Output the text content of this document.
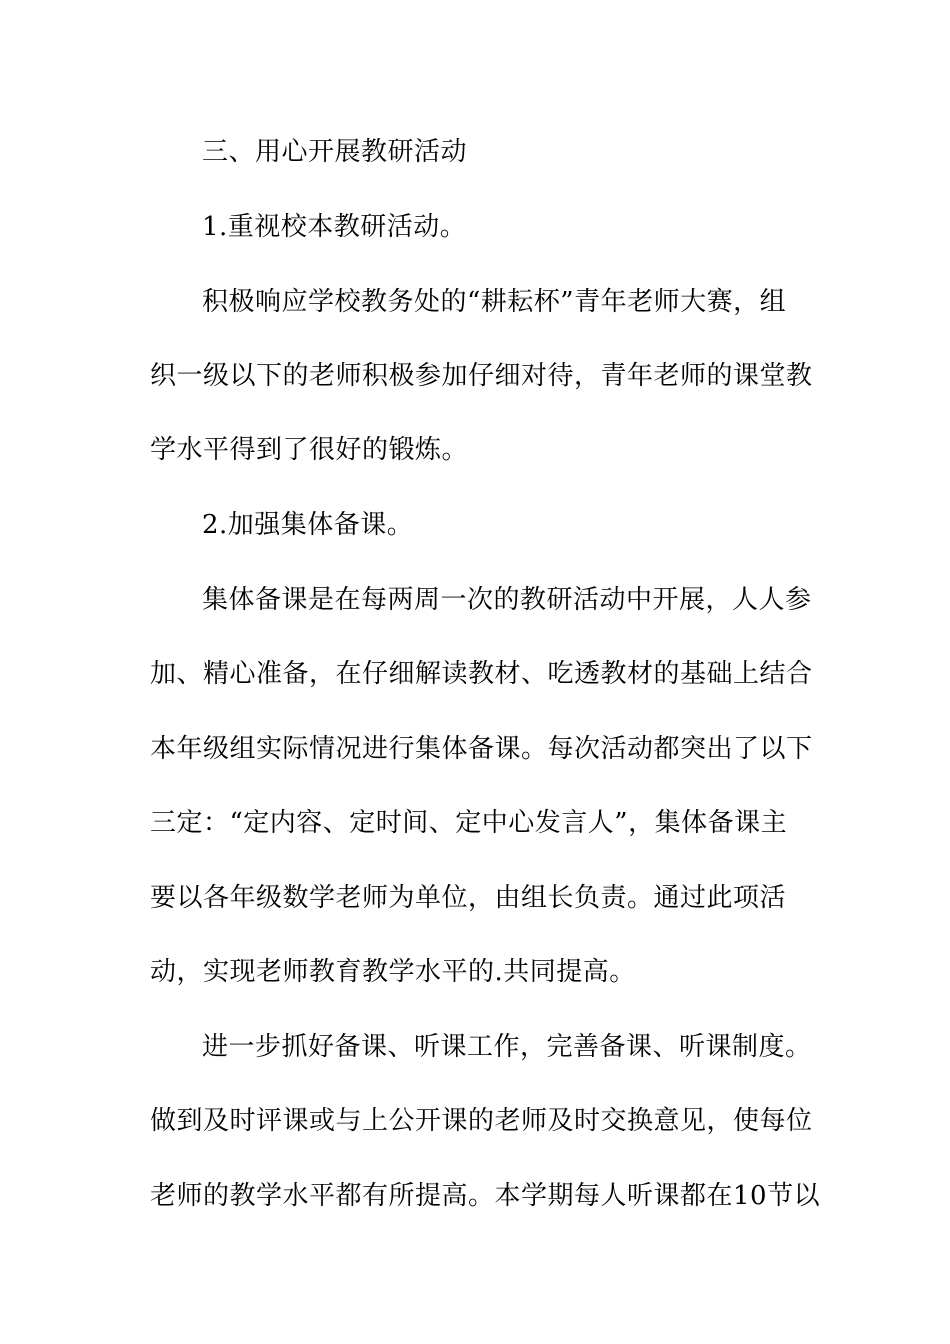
三、用心开展教研活动
1.重视校本教研活动。
积极响应学校教务处的“耕耘杯”青年老师大赛，组
织一级以下的老师积极参加仔细对待，青年老师的课堂教
学水平得到了很好的锻炼。
2.加强集体备课。
集体备课是在每两周一次的教研活动中开展，人人参
加、精心准备，在仔细解读教材、吃透教材的基础上结合
本年级组实际情况进行集体备课。每次活动都突出了以下
三定：“定内容、定时间、定中心发言人”，集体备课主
要以各年级数学老师为单位，由组长负责。通过此项活
动，实现老师教育教学水平的.共同提高。
进一步抓好备课、听课工作，完善备课、听课制度。
做到及时评课或与上公开课的老师及时交换意见，使每位
老师的教学水平都有所提高。本学期每人听课都在10节以
